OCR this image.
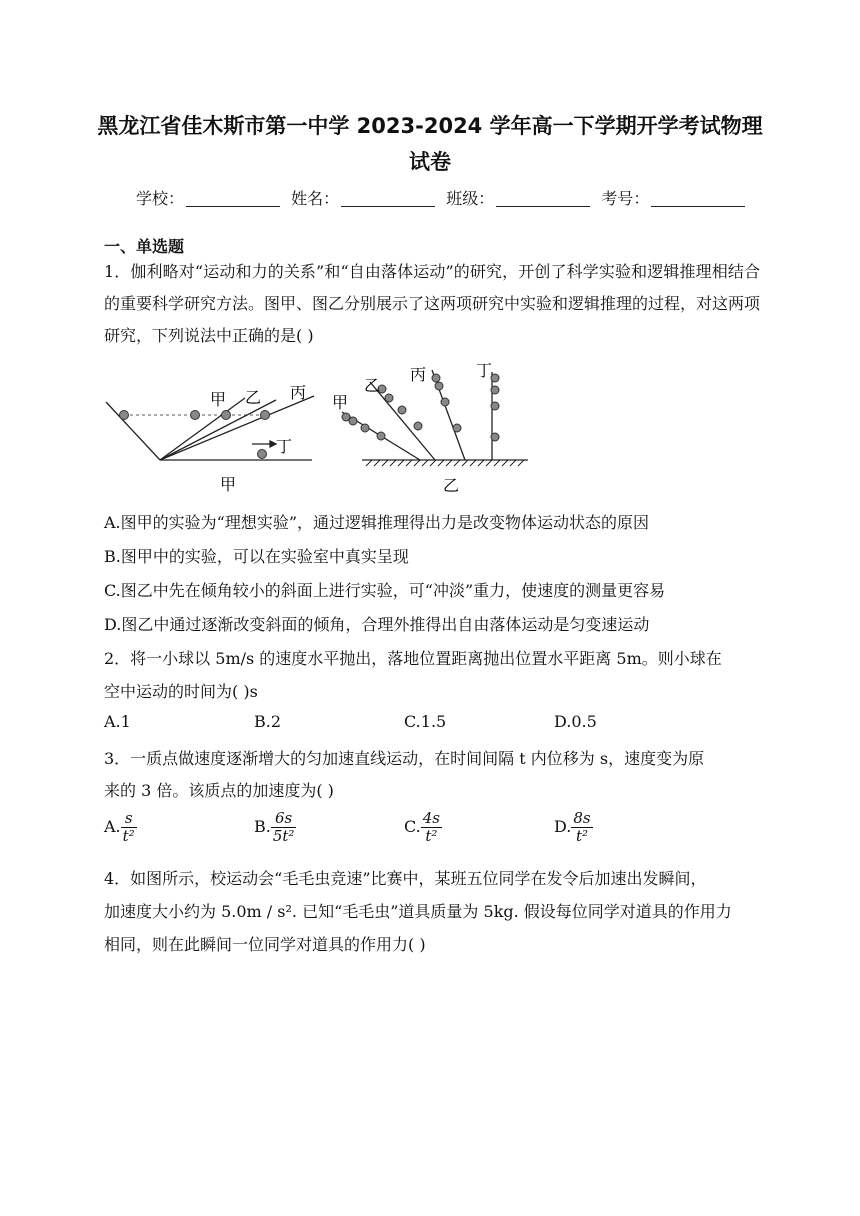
黑龙江省佳木斯市第一中学 2023-2024 学年高一下学期开学考试物理
试卷
学校：	姓名：	班级：	考号：
一、单选题
1．伽利略对“运动和力的关系”和“自由落体运动”的研究，开创了科学实验和逻辑推理相结合的重要科学研究方法。图甲、图乙分别展示了这两项研究中实验和逻辑推理的过程，对这两项研究，下列说法中正确的是( )
甲 乙 丙
丁
甲
甲
乙
丙	丁
乙
A.图甲的实验为“理想实验”，通过逻辑推理得出力是改变物体运动状态的原因
B.图甲中的实验，可以在实验室中真实呈现
C.图乙中先在倾角较小的斜面上进行实验，可“冲淡”重力，使速度的测量更容易
D.图乙中通过逐渐改变斜面的倾角，合理外推得出自由落体运动是匀变速运动
2．将一小球以 5m/s 的速度水平抛出，落地位置距离抛出位置水平距离 5m。则小球在
空中运动的时间为( )s
A.1	B.2	C.1.5	D.0.5
3．一质点做速度逐渐增大的匀加速直线运动，在时间间隔 t 内位移为 s，速度变为原
来的 3 倍。该质点的加速度为( )
A. $\frac{s}{\text{t²}}$	B. $\frac{6s}{\text{5t²}}$	C. $\frac{4s}{\text{t²}}$	D. $\frac{8s}{\text{t²}}$
4．如图所示，校运动会“毛毛虫竞速”比赛中，某班五位同学在发令后加速出发瞬间，
加速度大小约为 5.0m / s². 已知“毛毛虫”道具质量为 5kg. 假设每位同学对道具的作用力
相同，则在此瞬间一位同学对道具的作用力( )
